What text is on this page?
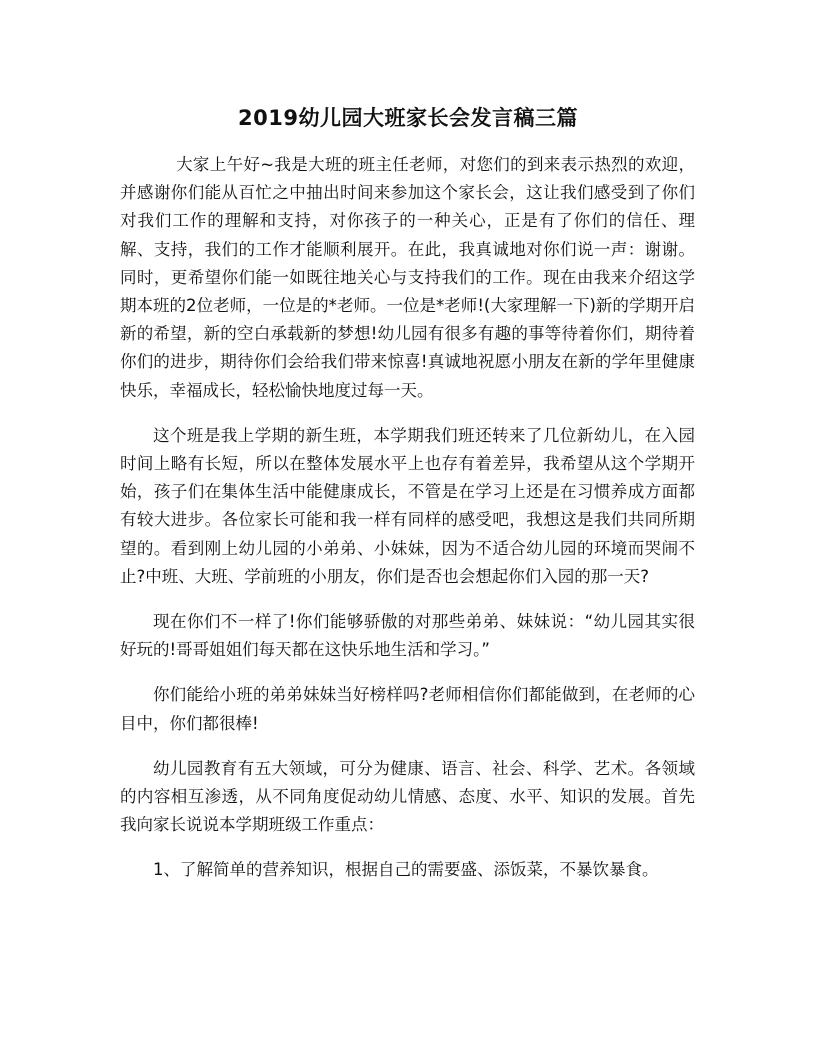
2019幼儿园大班家长会发言稿三篇

大家上午好~我是大班的班主任老师，对您们的到来表示热烈的欢迎，并感谢你们能从百忙之中抽出时间来参加这个家长会，这让我们感受到了你们对我们工作的理解和支持，对你孩子的一种关心，正是有了你们的信任、理解、支持，我们的工作才能顺利展开。在此，我真诚地对你们说一声：谢谢。同时，更希望你们能一如既往地关心与支持我们的工作。现在由我来介绍这学期本班的2位老师，一位是的*老师。一位是*老师!(大家理解一下)新的学期开启新的希望，新的空白承载新的梦想!幼儿园有很多有趣的事等待着你们，期待着你们的进步，期待你们会给我们带来惊喜!真诚地祝愿小朋友在新的学年里健康快乐，幸福成长，轻松愉快地度过每一天。

这个班是我上学期的新生班，本学期我们班还转来了几位新幼儿，在入园时间上略有长短，所以在整体发展水平上也存有着差异，我希望从这个学期开始，孩子们在集体生活中能健康成长，不管是在学习上还是在习惯养成方面都有较大进步。各位家长可能和我一样有同样的感受吧，我想这是我们共同所期望的。看到刚上幼儿园的小弟弟、小妹妹，因为不适合幼儿园的环境而哭闹不止?中班、大班、学前班的小朋友，你们是否也会想起你们入园的那一天?

现在你们不一样了!你们能够骄傲的对那些弟弟、妹妹说：“幼儿园其实很好玩的!哥哥姐姐们每天都在这快乐地生活和学习。”

你们能给小班的弟弟妹妹当好榜样吗?老师相信你们都能做到，在老师的心目中，你们都很棒!

幼儿园教育有五大领域，可分为健康、语言、社会、科学、艺术。各领域的内容相互渗透，从不同角度促动幼儿情感、态度、水平、知识的发展。首先我向家长说说本学期班级工作重点：

1、了解简单的营养知识，根据自己的需要盛、添饭菜，不暴饮暴食。
